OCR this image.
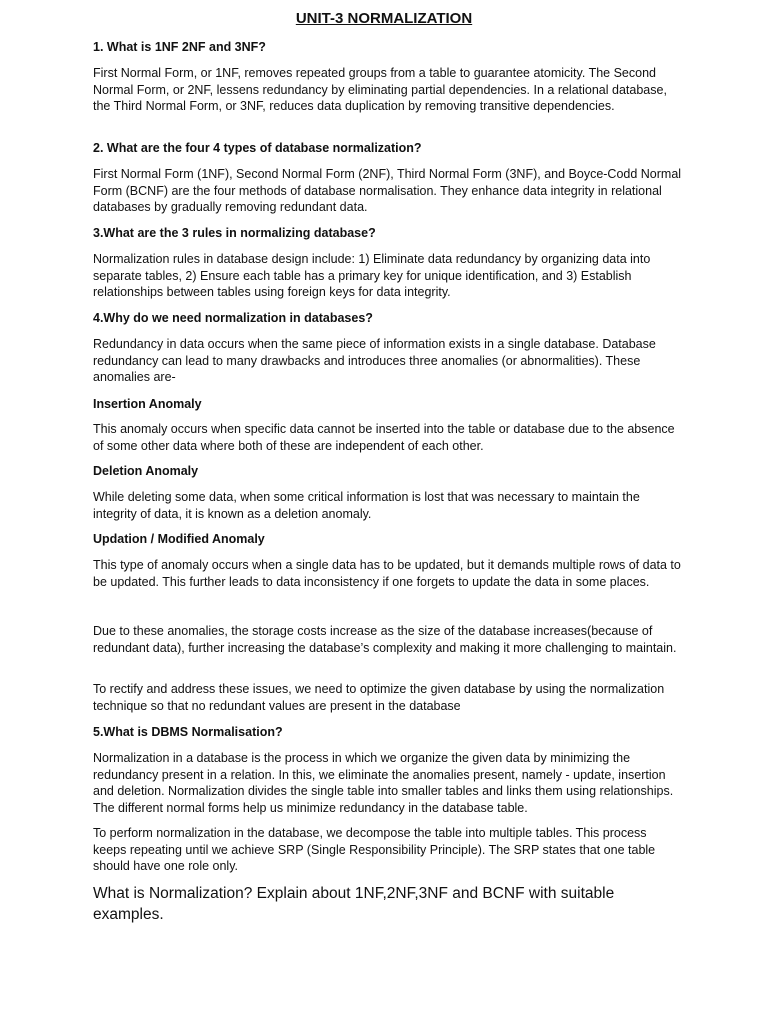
UNIT-3 NORMALIZATION

1. What is 1NF 2NF and 3NF?

First Normal Form, or 1NF, removes repeated groups from a table to guarantee atomicity. The Second Normal Form, or 2NF, lessens redundancy by eliminating partial dependencies. In a relational database, the Third Normal Form, or 3NF, reduces data duplication by removing transitive dependencies.

2. What are the four 4 types of database normalization?

First Normal Form (1NF), Second Normal Form (2NF), Third Normal Form (3NF), and Boyce-Codd Normal Form (BCNF) are the four methods of database normalisation. They enhance data integrity in relational databases by gradually removing redundant data.

3.What are the 3 rules in normalizing database?

Normalization rules in database design include: 1) Eliminate data redundancy by organizing data into separate tables, 2) Ensure each table has a primary key for unique identification, and 3) Establish relationships between tables using foreign keys for data integrity.

4.Why do we need normalization in databases?

Redundancy in data occurs when the same piece of information exists in a single database. Database redundancy can lead to many drawbacks and introduces three anomalies (or abnormalities). These anomalies are-

Insertion Anomaly

This anomaly occurs when specific data cannot be inserted into the table or database due to the absence of some other data where both of these are independent of each other.

Deletion Anomaly

While deleting some data, when some critical information is lost that was necessary to maintain the integrity of data, it is known as a deletion anomaly.

Updation / Modified Anomaly

This type of anomaly occurs when a single data has to be updated, but it demands multiple rows of data to be updated. This further leads to data inconsistency if one forgets to update the data in some places.

Due to these anomalies, the storage costs increase as the size of the database increases(because of redundant data), further increasing the database’s complexity and making it more challenging to maintain.

To rectify and address these issues, we need to optimize the given database by using the normalization technique so that no redundant values are present in the database

5.What is DBMS Normalisation?

Normalization in a database is the process in which we organize the given data by minimizing the redundancy present in a relation. In this, we eliminate the anomalies present, namely - update, insertion and deletion. Normalization divides the single table into smaller tables and links them using relationships. The different normal forms help us minimize redundancy in the database table.

To perform normalization in the database, we decompose the table into multiple tables. This process keeps repeating until we achieve SRP (Single Responsibility Principle). The SRP states that one table should have one role only.

What is Normalization? Explain about 1NF,2NF,3NF and BCNF with suitable examples.
